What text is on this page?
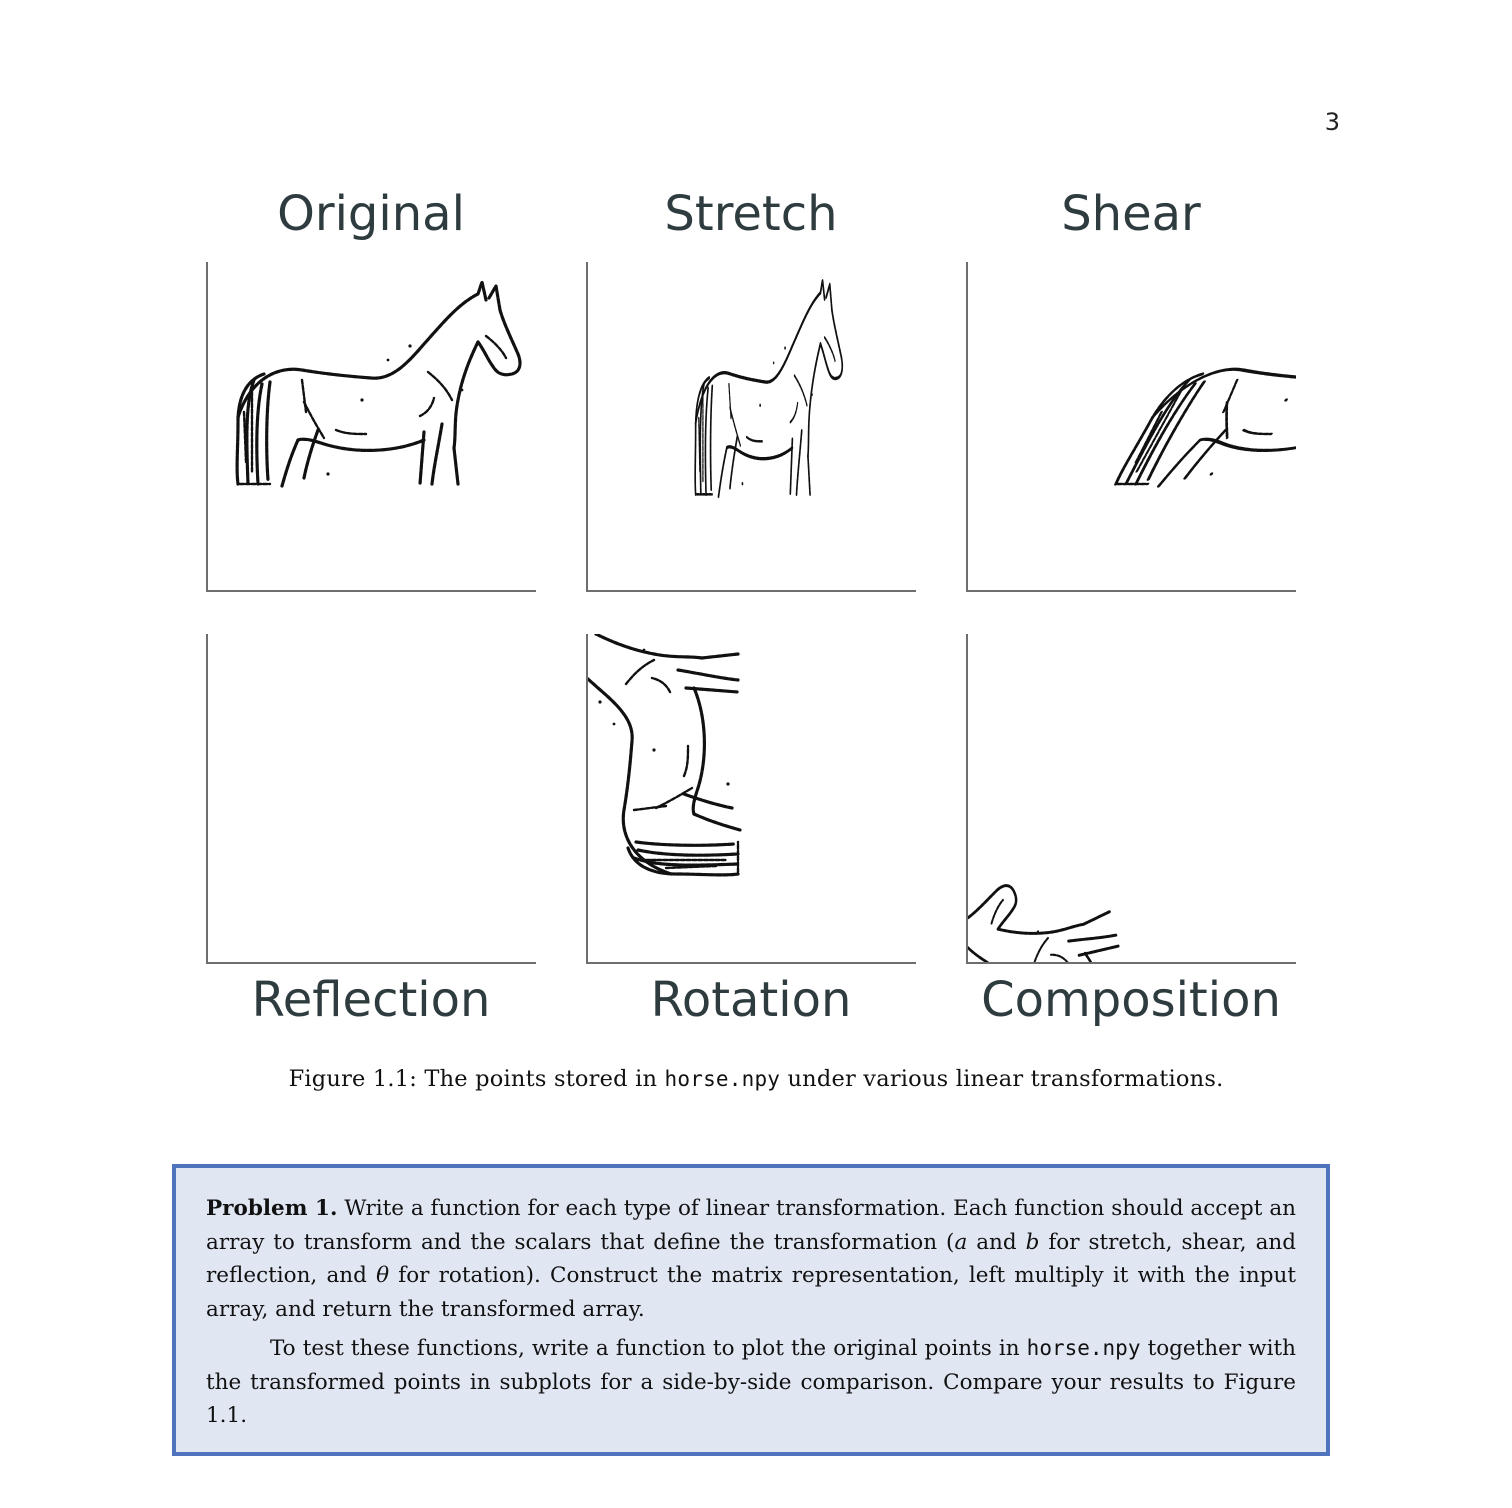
3
Original	Stretch	Shear
Reflection	Rotation	Composition
Figure 1.1: The points stored in horse.npy under various linear transformations.

Problem 1. Write a function for each type of linear transformation. Each function should accept an array to transform and the scalars that define the transformation (a and b for stretch, shear, and reflection, and θ for rotation). Construct the matrix representation, left multiply it with the input array, and return the transformed array.

To test these functions, write a function to plot the original points in horse.npy together with the transformed points in subplots for a side-by-side comparison. Compare your results to Figure 1.1.
